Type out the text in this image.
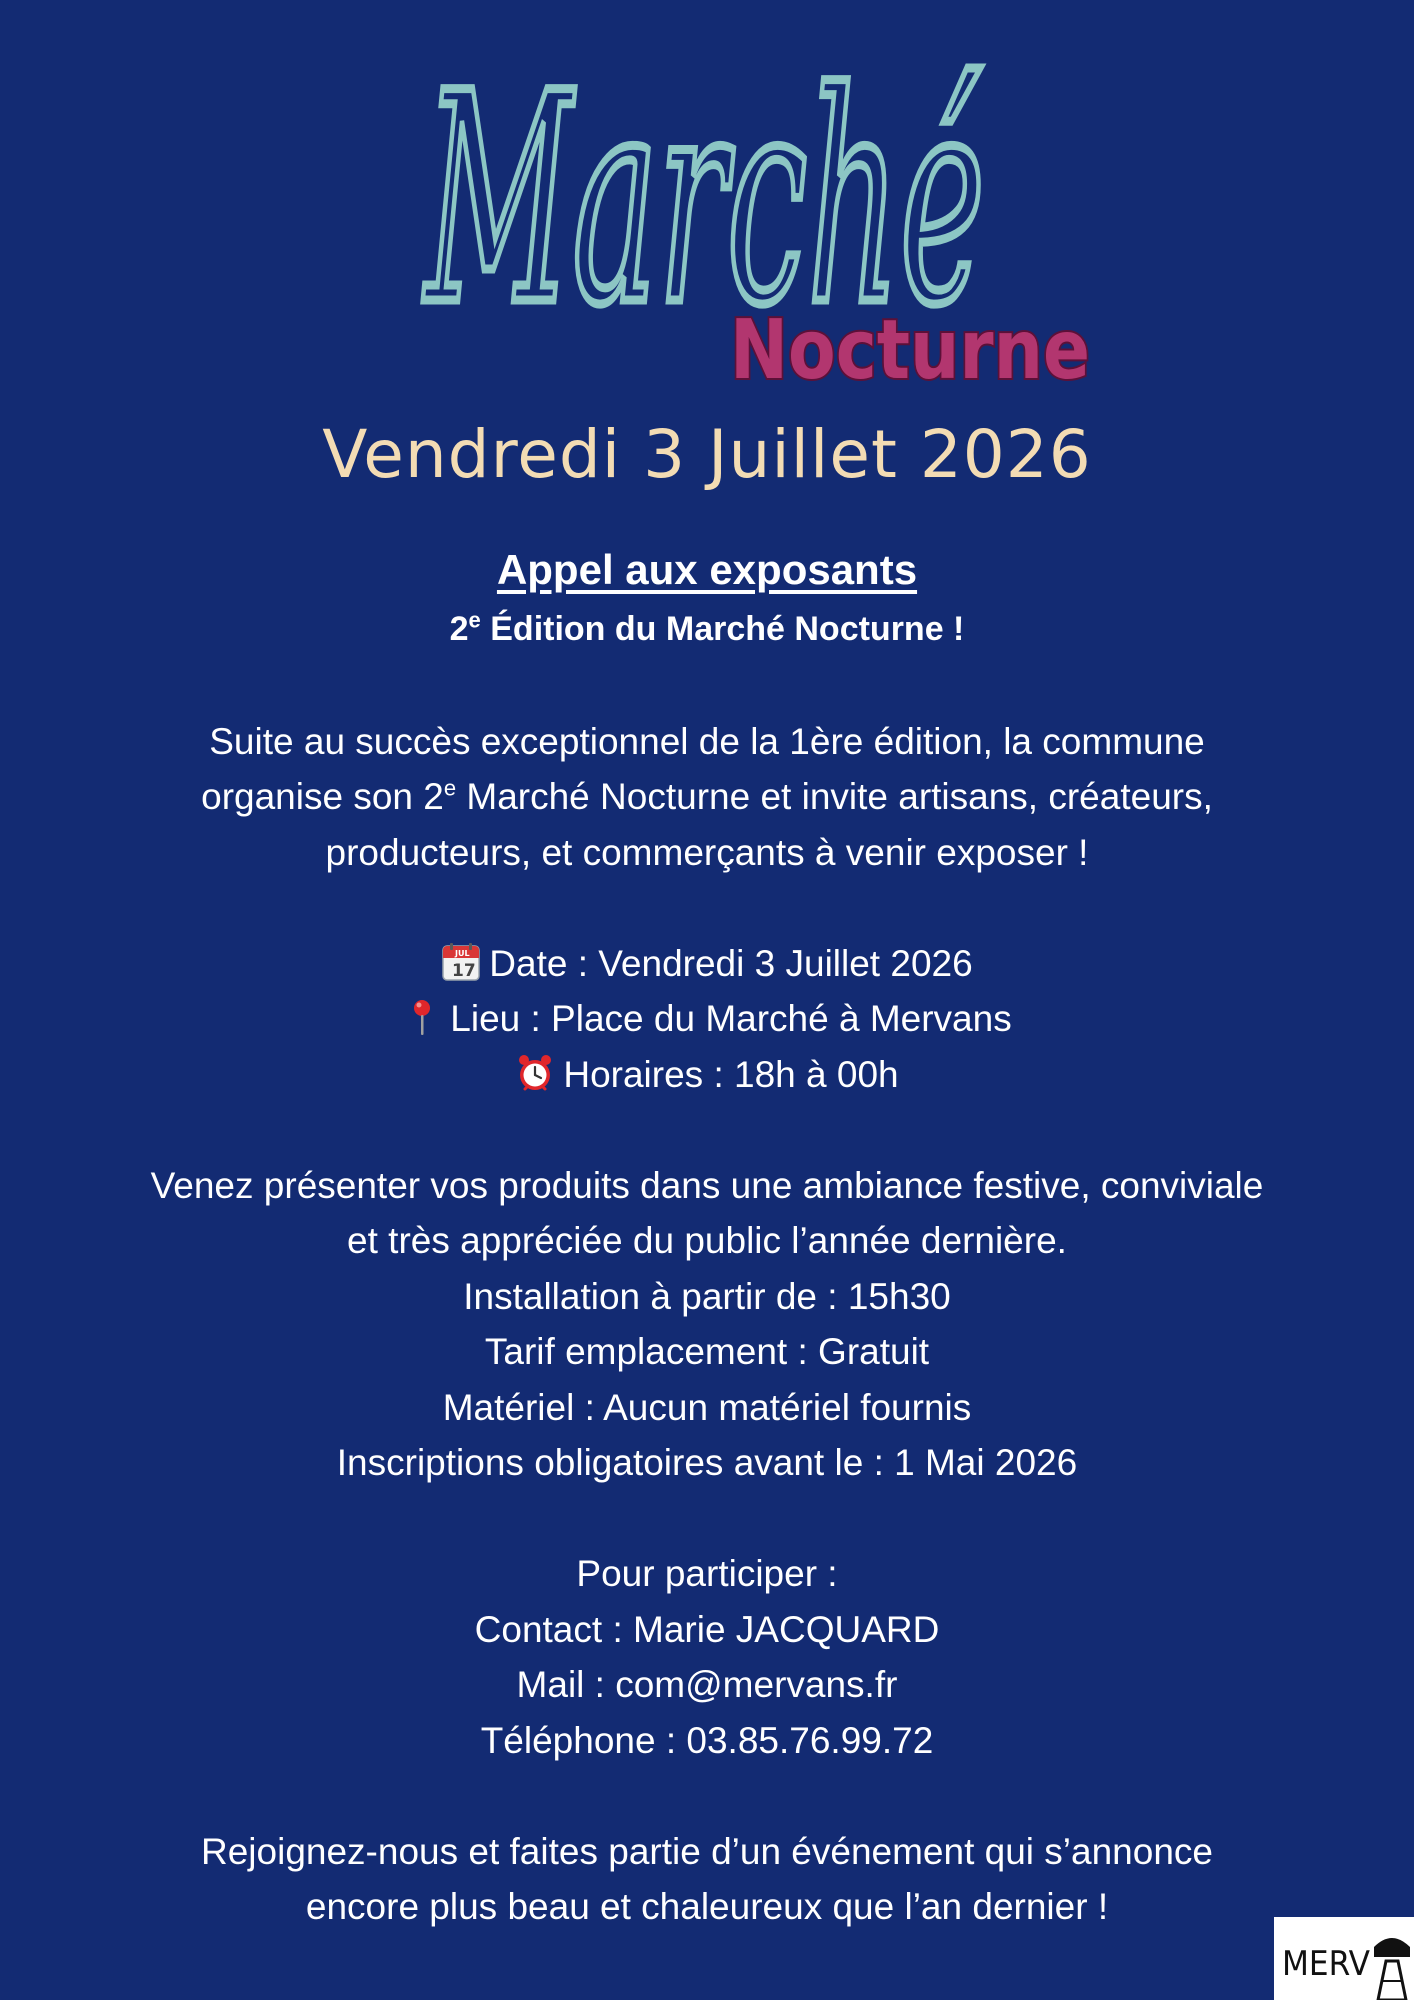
Marché
Nocturne
Vendredi 3 Juillet 2026

Appel aux exposants

2e Édition du Marché Nocturne !

Suite au succès exceptionnel de la 1ère édition, la commune

organise son 2e Marché Nocturne et invite artisans, créateurs,

producteurs, et commerçants à venir exposer !

JUL
17 Date : Vendredi 3 Juillet 2026

Lieu : Place du Marché à Mervans

Horaires : 18h à 00h

Venez présenter vos produits dans une ambiance festive, conviviale

et très appréciée du public l’année dernière.

Installation à partir de : 15h30

Tarif emplacement : Gratuit

Matériel : Aucun matériel fournis

Inscriptions obligatoires avant le : 1 Mai 2026

Pour participer :

Contact : Marie JACQUARD

Mail : com@mervans.fr

Téléphone : 03.85.76.99.72

Rejoignez-nous et faites partie d’un événement qui s’annonce

encore plus beau et chaleureux que l’an dernier !

MERV
